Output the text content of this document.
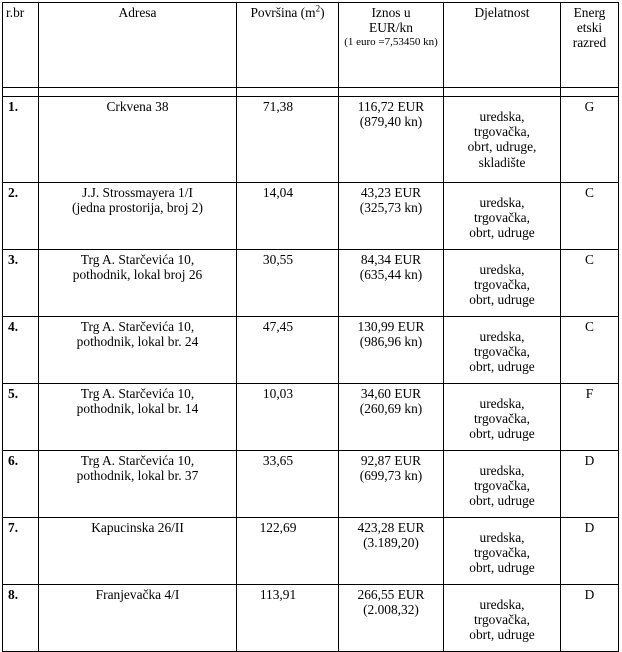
r.br	Adresa	Površina $(m^2)$	Iznos u
EUR/kn
(1 euro =7,53450 kn)	Djelatnost	Energ etski razred

1.	Crkvena 38	71,38	116,72 EUR
(879,40 kn)	uredska,
trgovačka,
obrt, udruge,
skladište	G

2.	J.J. Strossmayera 1/I
(jedna prostorija, broj 2)	14,04	43,23 EUR
(325,73 kn)	uredska,
trgovačka,
obrt, udruge	C

3.	Trg A. Starčevića 10,
pothodnik, lokal broj 26	30,55	84,34 EUR
(635,44 kn)	uredska,
trgovačka,
obrt, udruge	C

4.	Trg A. Starčevića 10,
pothodnik, lokal br. 24	47,45	130,99 EUR
(986,96 kn)	uredska,
trgovačka,
obrt, udruge	C

5.	Trg A. Starčevića 10,
pothodnik, lokal br. 14	10,03	34,60 EUR
(260,69 kn)	uredska,
trgovačka,
obrt, udruge	F

6.	Trg A. Starčevića 10,
pothodnik, lokal br. 37	33,65	92,87 EUR
(699,73 kn)	uredska,
trgovačka,
obrt, udruge	D

7.	Kapucinska 26/II	122,69	423,28 EUR
(3.189,20)	uredska,
trgovačka,
obrt, udruge	D

8.	Franjevačka 4/I	113,91	266,55 EUR
(2.008,32)	uredska,
trgovačka,
obrt, udruge	D
